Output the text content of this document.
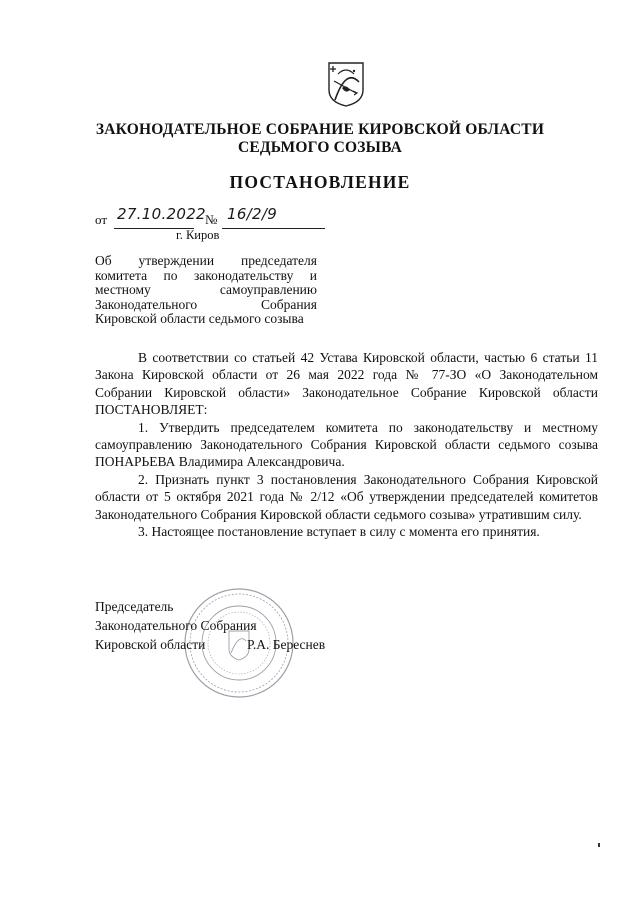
ЗАКОНОДАТЕЛЬНОЕ СОБРАНИЕ КИРОВСКОЙ ОБЛАСТИ
СЕДЬМОГО СОЗЫВА
ПОСТАНОВЛЕНИЕ
от 27.10.2022 № 16/2/9
г. Киров
Об утверждении председателя комитета по законодательству и местному самоуправлению Законодательного Собрания Кировской области седьмого созыва

В соответствии со статьей 42 Устава Кировской области, частью 6 статьи 11 Закона Кировской области от 26 мая 2022 года № 77-ЗО «О Законодательном Собрании Кировской области» Законодательное Собрание Кировской области ПОСТАНОВЛЯЕТ:

1. Утвердить председателем комитета по законодательству и местному самоуправлению Законодательного Собрания Кировской области седьмого созыва ПОНАРЬЕВА Владимира Александровича.

2. Признать пункт 3 постановления Законодательного Собрания Кировской области от 5 октября 2021 года № 2/12 «Об утверждении председателей комитетов Законодательного Собрания Кировской области седьмого созыва» утратившим силу.

3. Настоящее постановление вступает в силу с момента его принятия.

Председатель
Законодательного Собрания
Кировской области	Р.А. Береснев
